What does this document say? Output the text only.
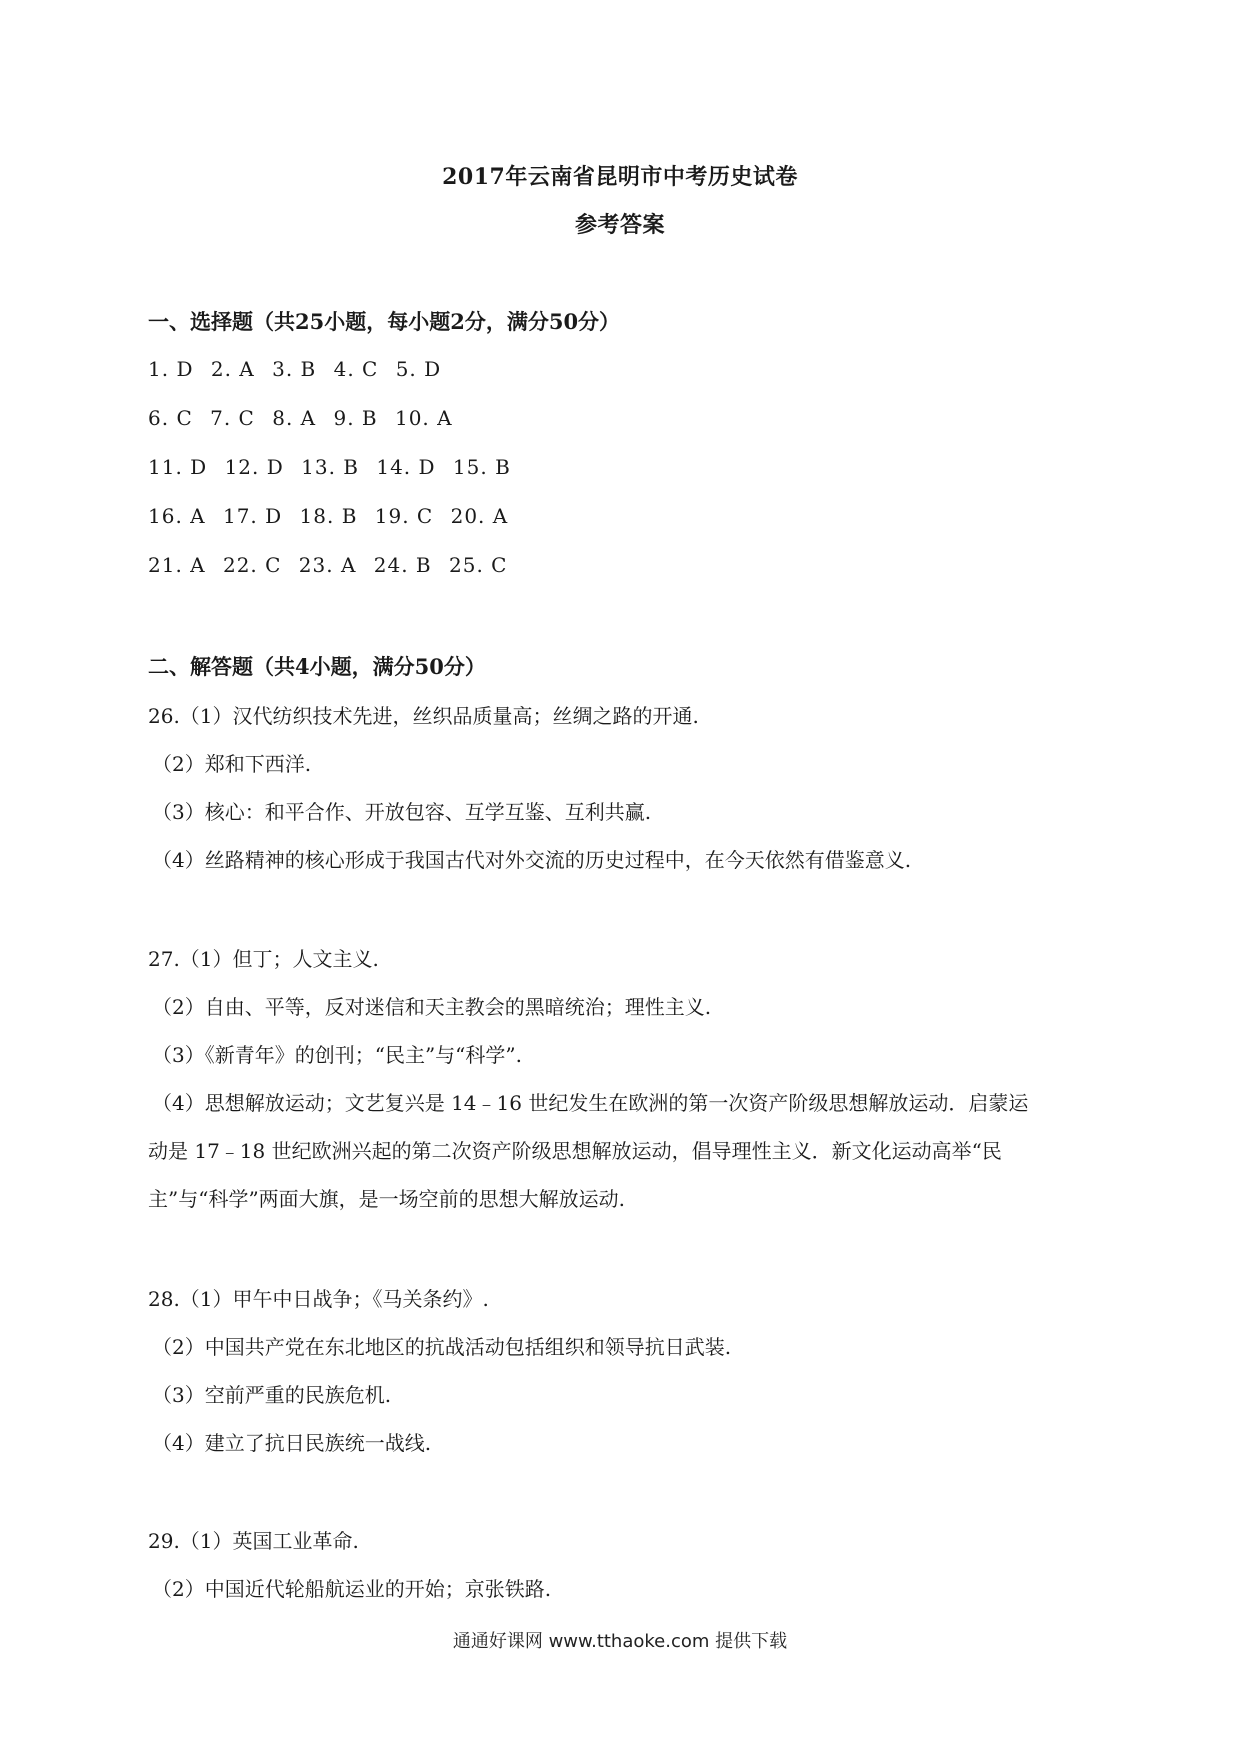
2017年云南省昆明市中考历史试卷
参考答案
一、选择题（共25小题，每小题2分，满分50分）
1. D 2. A 3. B 4. C 5. D
6. C 7. C 8. A 9. B 10. A
11. D 12. D 13. B 14. D 15. B
16. A 17. D 18. B 19. C 20. A
21. A 22. C 23. A 24. B 25. C
二、解答题（共4小题，满分50分）
26.（1）汉代纺织技术先进，丝织品质量高；丝绸之路的开通.
（2）郑和下西洋.
（3）核心：和平合作、开放包容、互学互鉴、互利共赢.
（4）丝路精神的核心形成于我国古代对外交流的历史过程中，在今天依然有借鉴意义.
27.（1）但丁；人文主义.
（2）自由、平等，反对迷信和天主教会的黑暗统治；理性主义.
（3）《新青年》的创刊；“民主”与“科学”.
（4）思想解放运动；文艺复兴是 14﹣16 世纪发生在欧洲的第一次资产阶级思想解放运动．启蒙运
动是 17﹣18 世纪欧洲兴起的第二次资产阶级思想解放运动，倡导理性主义．新文化运动高举“民
主”与“科学”两面大旗，是一场空前的思想大解放运动.
28.（1）甲午中日战争；《马关条约》.
（2）中国共产党在东北地区的抗战活动包括组织和领导抗日武装.
（3）空前严重的民族危机.
（4）建立了抗日民族统一战线.
29.（1）英国工业革命.
（2）中国近代轮船航运业的开始；京张铁路.
通通好课网 www.tthaoke.com 提供下载
